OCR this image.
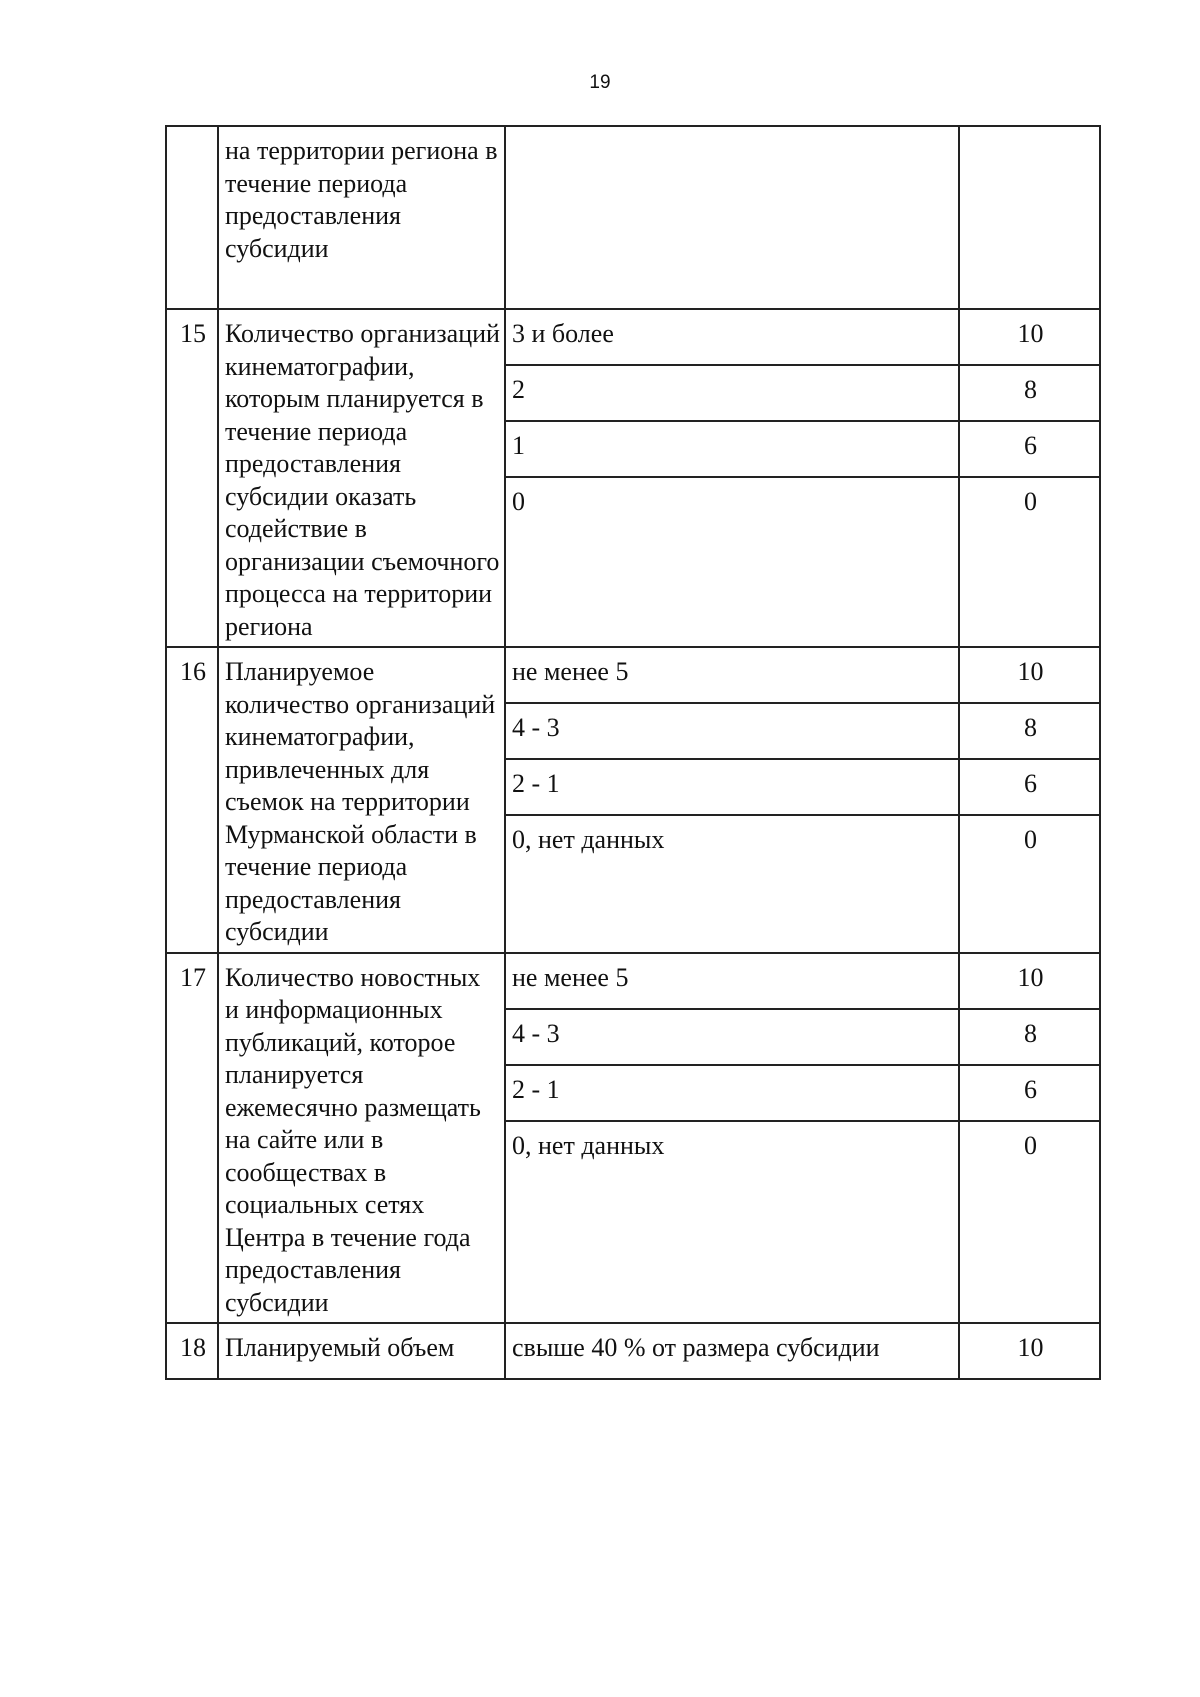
19
	на территории региона в течение периода предоставления субсидии		
15	Количество организаций кинематографии, которым планируется в течение периода предоставления субсидии оказать содействие в организации съемочного процесса на территории региона	3 и более	10
		2	8
		1	6
		0	0
16	Планируемое количество организаций кинематографии, привлеченных для съемок на территории Мурманской области в течение периода предоставления субсидии	не менее 5	10
		4 - 3	8
		2 - 1	6
		0, нет данных	0
17	Количество новостных и информационных публикаций, которое планируется ежемесячно размещать на сайте или в сообществах в социальных сетях Центра в течение года предоставления субсидии	не менее 5	10
		4 - 3	8
		2 - 1	6
		0, нет данных	0
18	Планируемый объем	свыше 40 % от размера субсидии	10
